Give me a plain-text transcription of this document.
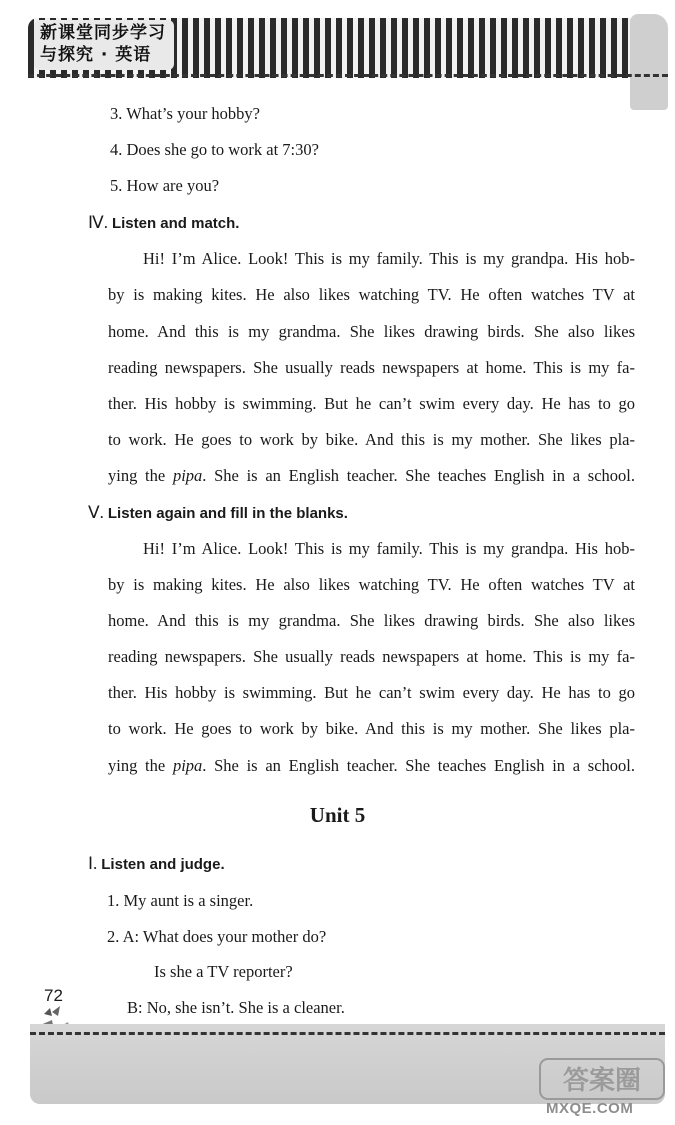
新课堂同步学习
与探究 · 英语
3. What’s your hobby?
4. Does she go to work at 7:30?
5. How are you?
Ⅳ. Listen and match.
Hi! I’m Alice. Look! This is my family. This is my grandpa. His hob-
by is making kites. He also likes watching TV. He often watches TV at
home. And this is my grandma. She likes drawing birds. She also likes
reading newspapers. She usually reads newspapers at home. This is my fa-
ther. His hobby is swimming. But he can’t swim every day. He has to go
to work. He goes to work by bike. And this is my mother. She likes pla-
ying the pipa. She is an English teacher. She teaches English in a school.
Ⅴ. Listen again and fill in the blanks.
Hi! I’m Alice. Look! This is my family. This is my grandpa. His hob-
by is making kites. He also likes watching TV. He often watches TV at
home. And this is my grandma. She likes drawing birds. She also likes
reading newspapers. She usually reads newspapers at home. This is my fa-
ther. His hobby is swimming. But he can’t swim every day. He has to go
to work. He goes to work by bike. And this is my mother. She likes pla-
ying the pipa. She is an English teacher. She teaches English in a school.
Unit 5
Ⅰ. Listen and judge.
1. My aunt is a singer.
2. A: What does your mother do?
Is she a TV reporter?
B: No, she isn’t. She is a cleaner.
72
答案圈
MXQE.COM
